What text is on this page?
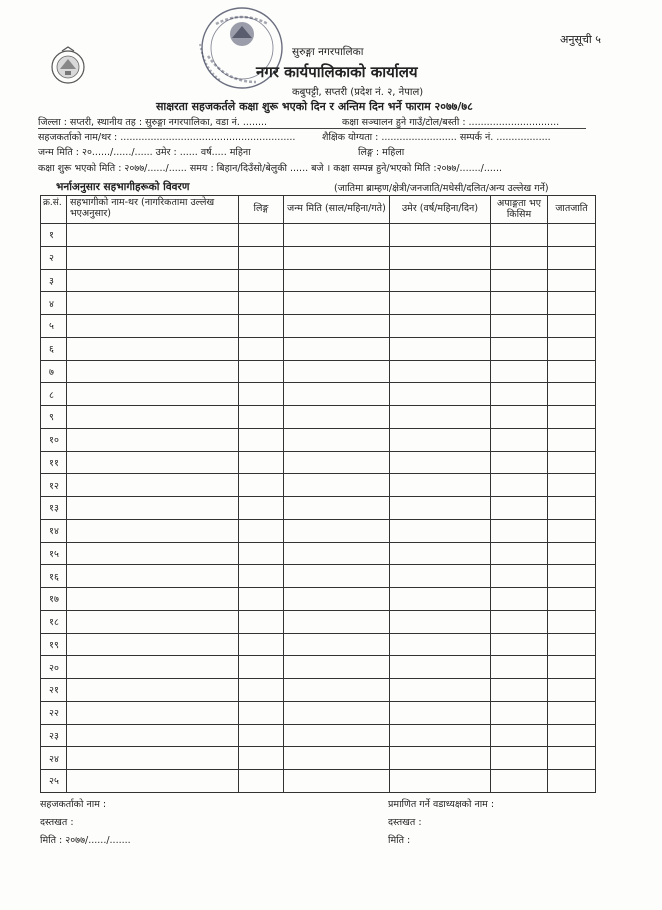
अनुसूची ५
सुरुङ्गा नगरपालिका
नगर कार्यपालिकाको कार्यालय
कबुपट्टी, सप्तरी (प्रदेश नं. २, नेपाल)
साक्षरता सहजकर्तले कक्षा शुरू भएको दिन र अन्तिम दिन भर्ने फाराम २०७७/७८
जिल्ला : सप्तरी, स्थानीय तह : सुरुङ्गा नगरपालिका, वडा नं. ........	कक्षा सञ्चालन हुने गाउँ/टोल/बस्ती : ..............................
सहजकर्ताको नाम/थर : ..........................................................	शैक्षिक योग्यता : ......................... सम्पर्क नं. ..................
जन्म मिति : २०....../....../...... उमेर : ...... वर्ष..... महिना	लिङ्ग : महिला
कक्षा शुरू भएको मिति : २०७७/....../...... समय : बिहान/दिउँसो/बेलुकी ...... बजे । कक्षा सम्पन्न हुने/भएको मिति :२०७७/......./......
भर्नाअनुसार सहभागीहरूको विवरण	(जातिमा ब्राम्हण/क्षेत्री/जनजाति/मधेसी/दलित/अन्य उल्लेख गर्ने)
क्र.सं.	सहभागीको नाम-थर (नागरिकतामा उल्लेख भएअनुसार)	लिङ्ग	जन्म मिति (साल/महिना/गते)	उमेर (वर्ष/महिना/दिन)	अपाङ्गता भए किसिम	जातजाति
१						
२						
३						
४						
५						
६						
७						
८						
९						
१०						
११						
१२						
१३						
१४						
१५						
१६						
१७						
१८						
१९						
२०						
२१						
२२						
२३						
२४						
२५						
सहजकर्ताको नाम :	प्रमाणित गर्ने वडाध्यक्षको नाम :
दस्तखत :	दस्तखत :
मिति : २०७७/....../.......	मिति :
